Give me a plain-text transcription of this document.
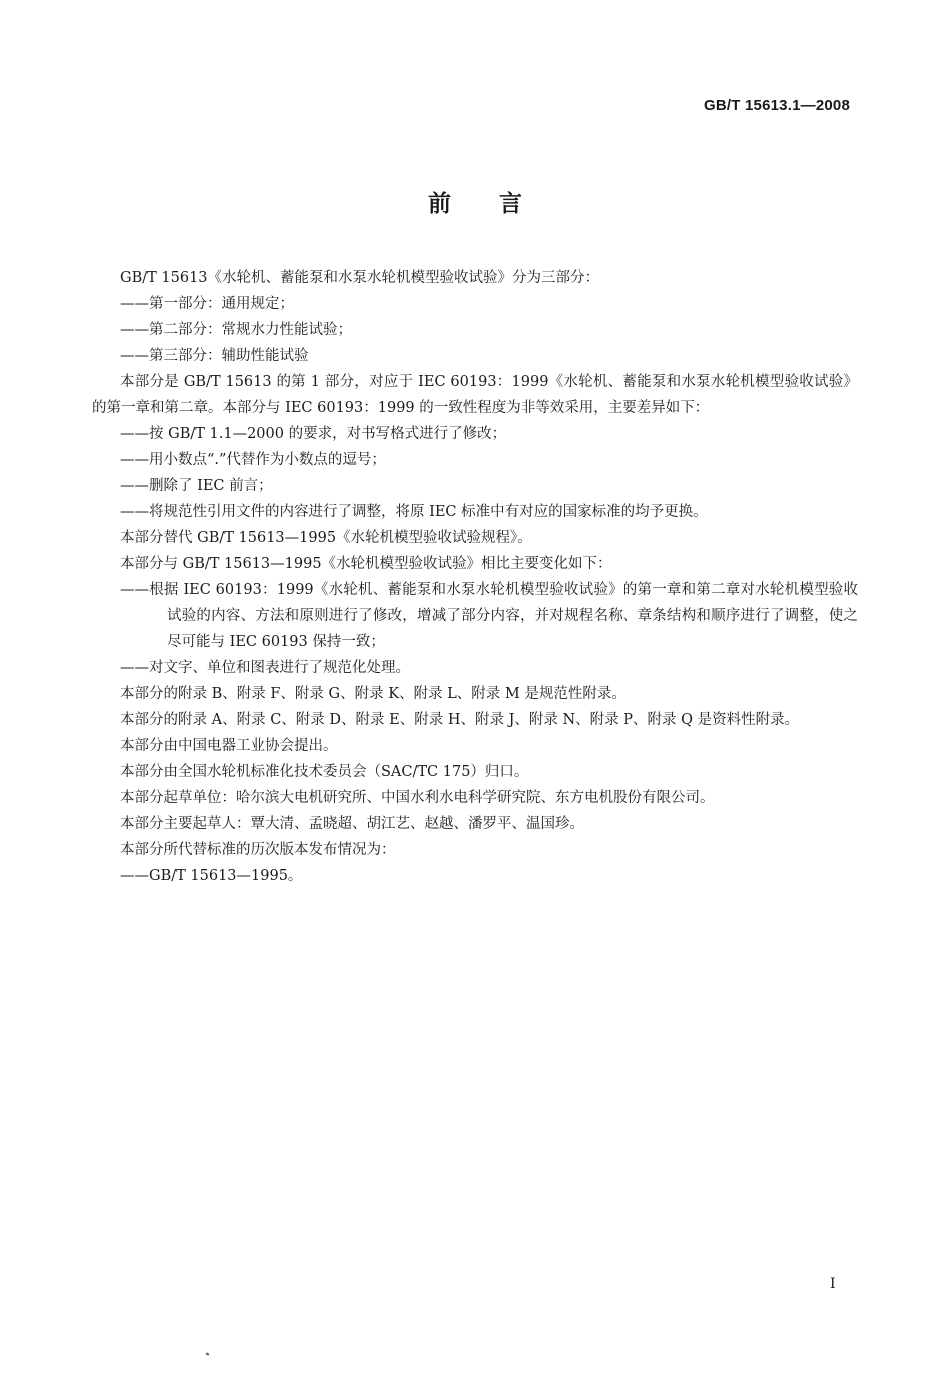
GB/T 15613.1—2008
前言

GB/T 15613《水轮机、蓄能泵和水泵水轮机模型验收试验》分为三部分：

——第一部分：通用规定；

——第二部分：常规水力性能试验；

——第三部分：辅助性能试验

本部分是 GB/T 15613 的第 1 部分，对应于 IEC 60193：1999《水轮机、蓄能泵和水泵水轮机模型验收试验》的第一章和第二章。本部分与 IEC 60193：1999 的一致性程度为非等效采用，主要差异如下：

——按 GB/T 1.1—2000 的要求，对书写格式进行了修改；

——用小数点“.”代替作为小数点的逗号；

——删除了 IEC 前言；

——将规范性引用文件的内容进行了调整，将原 IEC 标准中有对应的国家标准的均予更换。

本部分替代 GB/T 15613—1995《水轮机模型验收试验规程》。

本部分与 GB/T 15613—1995《水轮机模型验收试验》相比主要变化如下：

——根据 IEC 60193：1999《水轮机、蓄能泵和水泵水轮机模型验收试验》的第一章和第二章对水轮机模型验收试验的内容、方法和原则进行了修改，增减了部分内容，并对规程名称、章条结构和顺序进行了调整，使之尽可能与 IEC 60193 保持一致；

——对文字、单位和图表进行了规范化处理。

本部分的附录 B、附录 F、附录 G、附录 K、附录 L、附录 M 是规范性附录。

本部分的附录 A、附录 C、附录 D、附录 E、附录 H、附录 J、附录 N、附录 P、附录 Q 是资料性附录。

本部分由中国电器工业协会提出。

本部分由全国水轮机标准化技术委员会（SAC/TC 175）归口。

本部分起草单位：哈尔滨大电机研究所、中国水利水电科学研究院、东方电机股份有限公司。

本部分主要起草人：覃大清、孟晓超、胡江艺、赵越、潘罗平、温国珍。

本部分所代替标准的历次版本发布情况为：

——GB/T 15613—1995。

I
